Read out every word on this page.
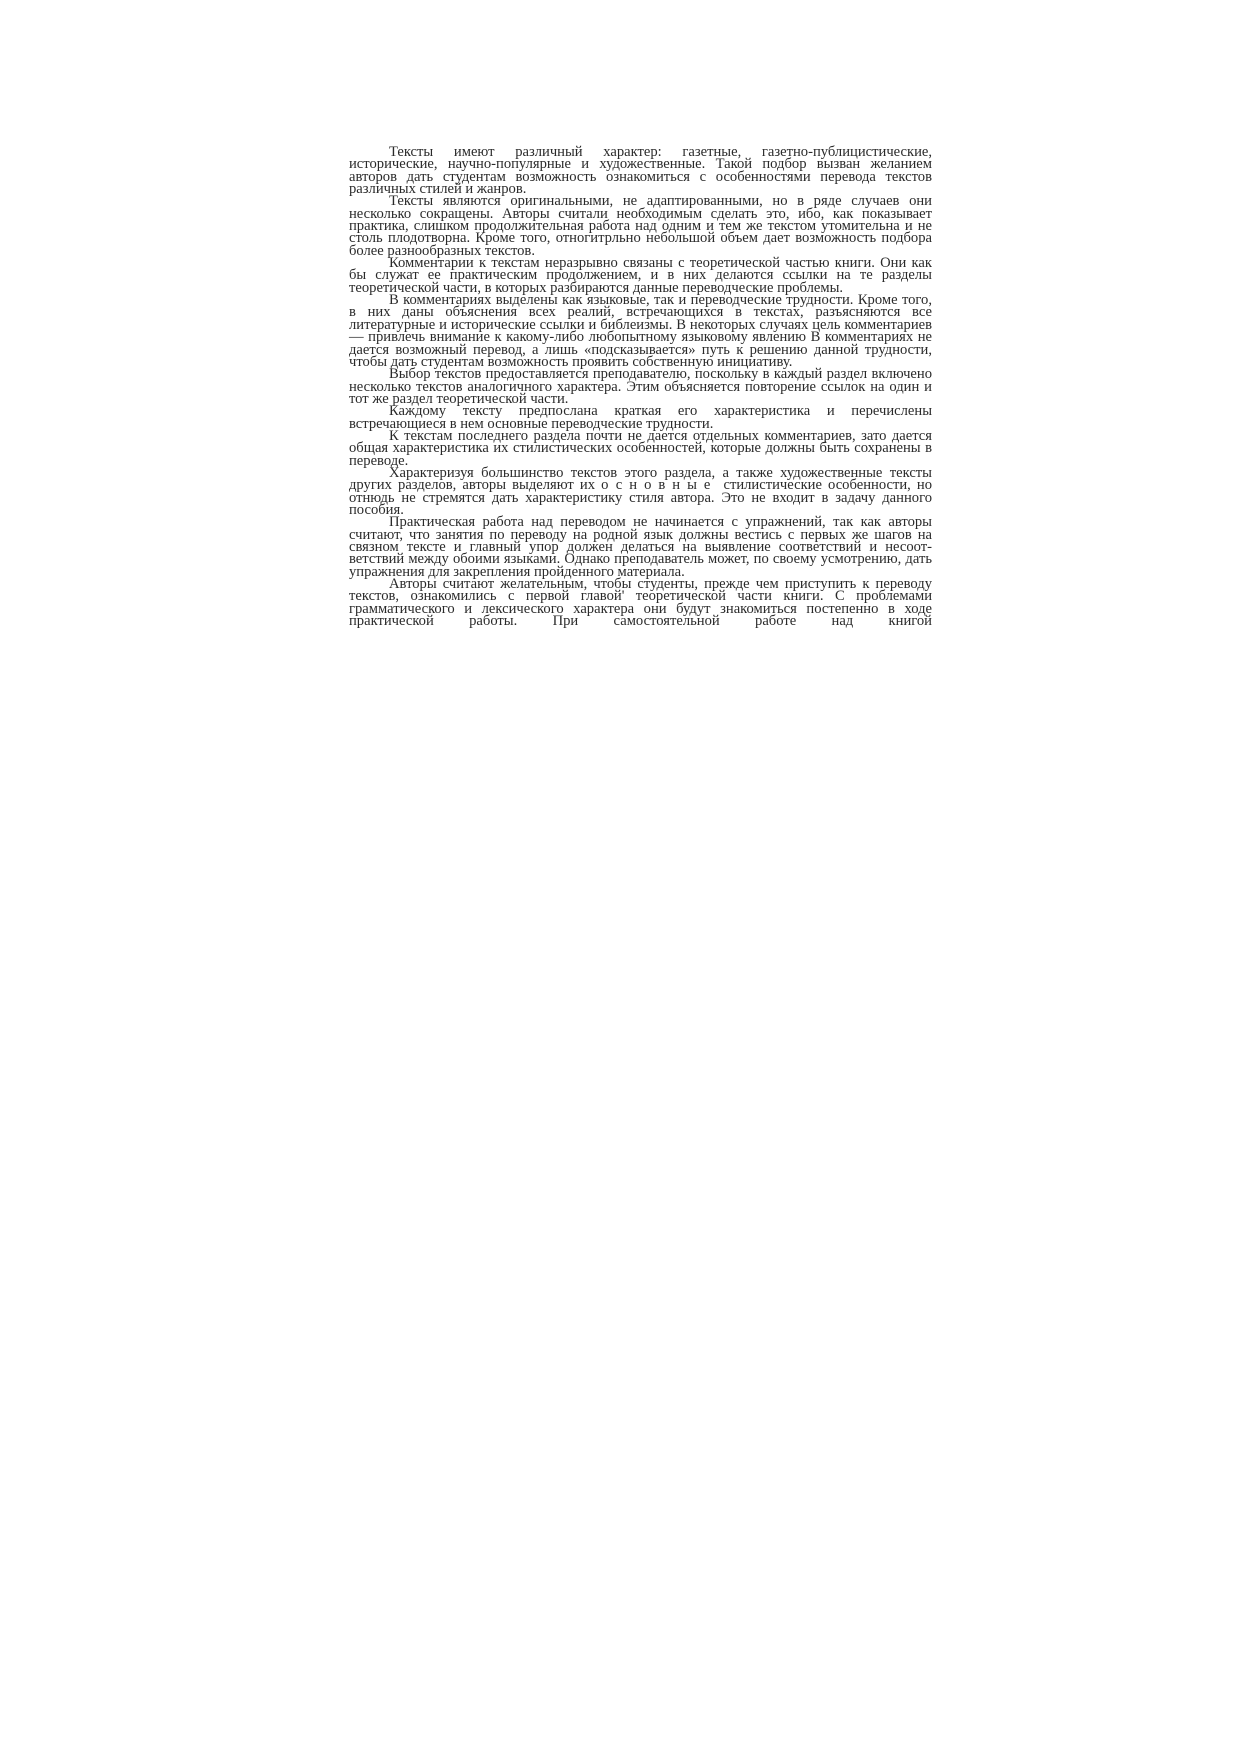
Тексты имеют различный характер: газетные, газетно-публицистические, исторические, научно-популярные и художественные. Такой подбор вызван желанием авторов дать студентам возможность ознакомиться с особенностями перевода текстов различных стилей и жанров.

Тексты являются оригинальными, не адаптированными, но в ряде случаев они несколько сокращены. Авторы считали необходимым сделать это, ибо, как показывает практика, слишком продолжительная работа над одним и тем же текстом утомительна и не столь плодотворна. Кроме того, отногитрльно небольшой объем дает возможность подбора более разнообразных текстов.

Комментарии к текстам неразрывно связаны с теоретической частью книги. Они как бы служат ее практическим продолжением, и в них делаются ссылки на те разделы теоретической части, в которых разбираются данные переводческие проблемы.

В комментариях выделены как языковые, так и переводческие трудности. Кроме того, в них даны объяснения всех реалий, встречающихся в текстах, разъясняются все литературные и исторические ссылки и библеизмы. В некоторых случаях цель комментариев — привлечь внимание к какому-либо любопытному языковому явлению В комментариях не дается возможный перевод, а лишь «подсказывается» путь к решению данной трудности, чтобы дать студентам возможность проявить собственную инициативу.

Выбор текстов предоставляется преподавателю, поскольку в каждый раздел включено несколько текстов аналогичного характера. Этим объясняется повторение ссылок на один и тот же раздел теоретической части.

Каждому тексту предпослана краткая его характеристика и перечислены встречающиеся в нем основные переводческие трудности.

К текстам последнего раздела почти не дается отдельных комментариев, зато дается общая характеристика их стилистических особенностей, которые должны быть сохранены в переводе.

Характеризуя большинство текстов этого раздела, а также художественные тексты других разделов, авторы выделяют их основные стилистические особенности, но отнюдь не стремятся дать характеристику стиля автора. Это не входит в задачу данного пособия.

Практическая работа над переводом не начинается с упражнений, так как авторы считают, что занятия по переводу на родной язык должны вестись с первых же шагов на связном тексте и главный упор должен делаться на выявление соответствий и несоответствий между обоими языками. Однако преподаватель может, по своему усмотрению, дать упражнения для закрепления пройденного материала.

Авторы считают желательным, чтобы студенты, прежде чем приступить к переводу текстов, ознакомились с первой главой' теоретической части книги. С проблемами грамматического и лексического характера они будут знакомиться постепенно в ходе практической работы. При самостоятельной работе над книгой
